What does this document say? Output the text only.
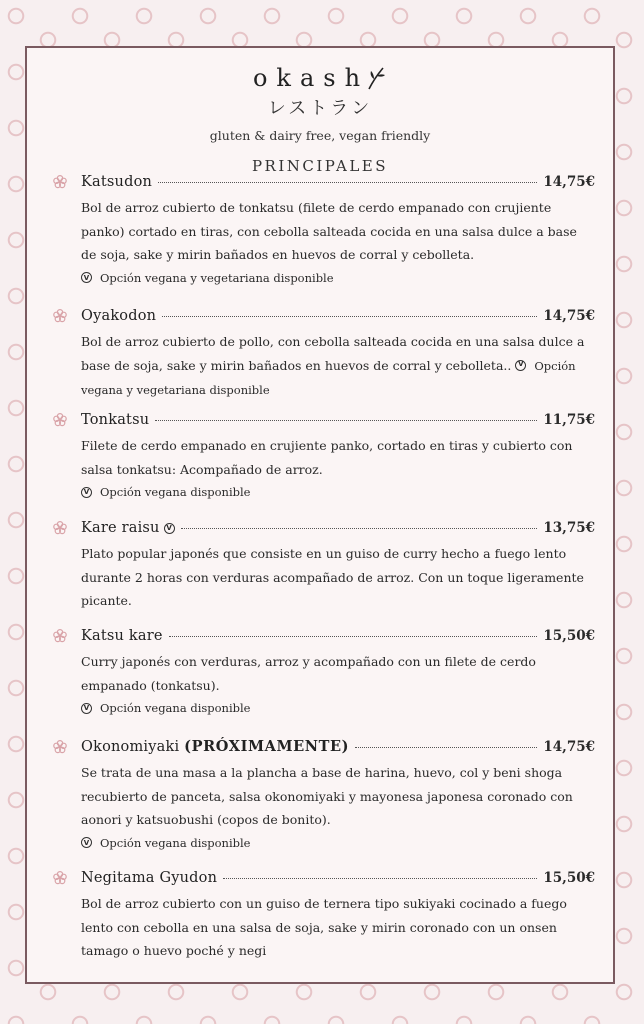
okash
レストラン
gluten & dairy free, vegan friendly
PRINCIPALES
Katsudon	14,75€
Bol de arroz cubierto de tonkatsu (filete de cerdo empanado con crujiente panko) cortado en tiras, con cebolla salteada cocida en una salsa dulce a base de soja, sake y mirin bañados en huevos de corral y cebolleta.
V Opción vegana y vegetariana disponible
Oyakodon	14,75€
Bol de arroz cubierto de pollo, con cebolla salteada cocida en una salsa dulce a base de soja, sake y mirin bañados en huevos de corral y cebolleta.. V Opción vegana y vegetariana disponible
Tonkatsu	11,75€
Filete de cerdo empanado en crujiente panko, cortado en tiras y cubierto con salsa tonkatsu: Acompañado de arroz.
V Opción vegana disponible
Kare raisu V	13,75€
Plato popular japonés que consiste en un guiso de curry hecho a fuego lento durante 2 horas con verduras acompañado de arroz. Con un toque ligeramente picante.
Katsu kare	15,50€
Curry japonés con verduras, arroz y acompañado con un filete de cerdo empanado (tonkatsu).
V Opción vegana disponible
Okonomiyaki (PRÓXIMAMENTE)	14,75€
Se trata de una masa a la plancha a base de harina, huevo, col y beni shoga recubierto de panceta, salsa okonomiyaki y mayonesa japonesa coronado con aonori y katsuobushi (copos de bonito).
V Opción vegana disponible
Negitama Gyudon	15,50€
Bol de arroz cubierto con un guiso de ternera tipo sukiyaki cocinado a fuego lento con cebolla en una salsa de soja, sake y mirin coronado con un onsen tamago o huevo poché y negi
